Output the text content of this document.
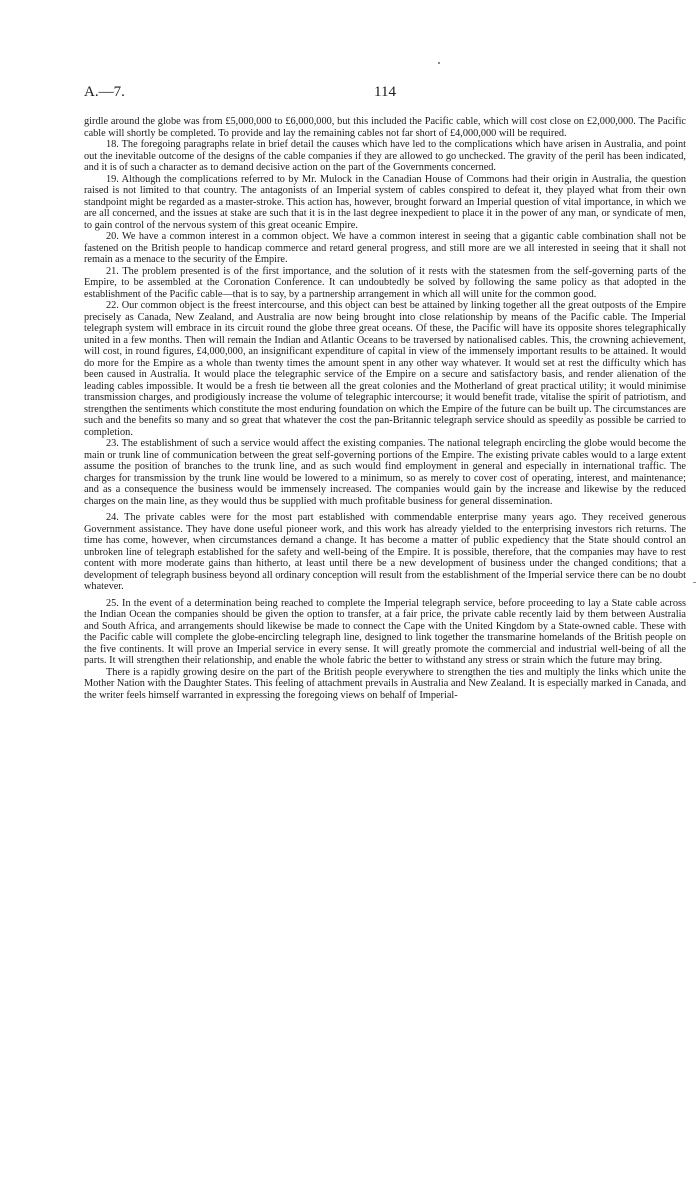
A.—7.	114

girdle around the globe was from £5,000,000 to £6,000,000, but this included the Pacific cable, which will cost close on £2,000,000. The Pacific cable will shortly be completed. To provide and lay the remaining cables not far short of £4,000,000 will be required.

18. The foregoing paragraphs relate in brief detail the causes which have led to the complications which have arisen in Australia, and point out the inevitable outcome of the designs of the cable companies if they are allowed to go unchecked. The gravity of the peril has been indicated, and it is of such a character as to demand decisive action on the part of the Governments concerned.

19. Although the complications referred to by Mr. Mulock in the Canadian House of Commons had their origin in Australia, the question raised is not limited to that country. The antagonists of an Imperial system of cables conspired to defeat it, they played what from their own standpoint might be regarded as a master-stroke. This action has, however, brought forward an Imperial question of vital importance, in which we are all concerned, and the issues at stake are such that it is in the last degree inexpedient to place it in the power of any man, or syndicate of men, to gain control of the nervous system of this great oceanic Empire.

20. We have a common interest in a common object. We have a common interest in seeing that a gigantic cable combination shall not be fastened on the British people to handicap commerce and retard general progress, and still more are we all interested in seeing that it shall not remain as a menace to the security of the Empire.

21. The problem presented is of the first importance, and the solution of it rests with the statesmen from the self-governing parts of the Empire, to be assembled at the Coronation Conference. It can undoubtedly be solved by following the same policy as that adopted in the establishment of the Pacific cable—that is to say, by a partnership arrangement in which all will unite for the common good.

22. Our common object is the freest intercourse, and this object can best be attained by linking together all the great outposts of the Empire precisely as Canada, New Zealand, and Australia are now being brought into close relationship by means of the Pacific cable. The Imperial telegraph system will embrace in its circuit round the globe three great oceans. Of these, the Pacific will have its opposite shores telegraphically united in a few months. Then will remain the Indian and Atlantic Oceans to be traversed by nationalised cables. This, the crowning achievement, will cost, in round figures, £4,000,000, an insignificant expenditure of capital in view of the immensely important results to be attained. It would do more for the Empire as a whole than twenty times the amount spent in any other way whatever. It would set at rest the difficulty which has been caused in Australia. It would place the telegraphic service of the Empire on a secure and satisfactory basis, and render alienation of the leading cables impossible. It would be a fresh tie between all the great colonies and the Motherland of great practical utility; it would minimise transmission charges, and prodigiously increase the volume of telegraphic intercourse; it would benefit trade, vitalise the spirit of patriotism, and strengthen the sentiments which constitute the most enduring foundation on which the Empire of the future can be built up. The circumstances are such and the benefits so many and so great that whatever the cost the pan-Britannic telegraph service should as speedily as possible be carried to completion.

23. The establishment of such a service would affect the existing companies. The national telegraph encircling the globe would become the main or trunk line of communication between the great self-governing portions of the Empire. The existing private cables would to a large extent assume the position of branches to the trunk line, and as such would find employment in general and especially in international traffic. The charges for transmission by the trunk line would be lowered to a minimum, so as merely to cover cost of operating, interest, and maintenance; and as a consequence the business would be immensely increased. The companies would gain by the increase and likewise by the reduced charges on the main line, as they would thus be supplied with much profitable business for general dissemination.

24. The private cables were for the most part established with commendable enterprise many years ago. They received generous Government assistance. They have done useful pioneer work, and this work has already yielded to the enterprising investors rich returns. The time has come, however, when circumstances demand a change. It has become a matter of public expediency that the State should control an unbroken line of telegraph established for the safety and well-being of the Empire. It is possible, therefore, that the companies may have to rest content with more moderate gains than hitherto, at least until there be a new development of business under the changed conditions; that a development of telegraph business beyond all ordinary conception will result from the establishment of the Imperial service there can be no doubt whatever.

25. In the event of a determination being reached to complete the Imperial telegraph service, before proceeding to lay a State cable across the Indian Ocean the companies should be given the option to transfer, at a fair price, the private cable recently laid by them between Australia and South Africa, and arrangements should likewise be made to connect the Cape with the United Kingdom by a State-owned cable. These with the Pacific cable will complete the globe-encircling telegraph line, designed to link together the transmarine homelands of the British people on the five continents. It will prove an Imperial service in every sense. It will greatly promote the commercial and industrial well-being of all the parts. It will strengthen their relationship, and enable the whole fabric the better to withstand any stress or strain which the future may bring.

There is a rapidly growing desire on the part of the British people everywhere to strengthen the ties and multiply the links which unite the Mother Nation with the Daughter States. This feeling of attachment prevails in Australia and New Zealand. It is especially marked in Canada, and the writer feels himself warranted in expressing the foregoing views on behalf of Imperial-
